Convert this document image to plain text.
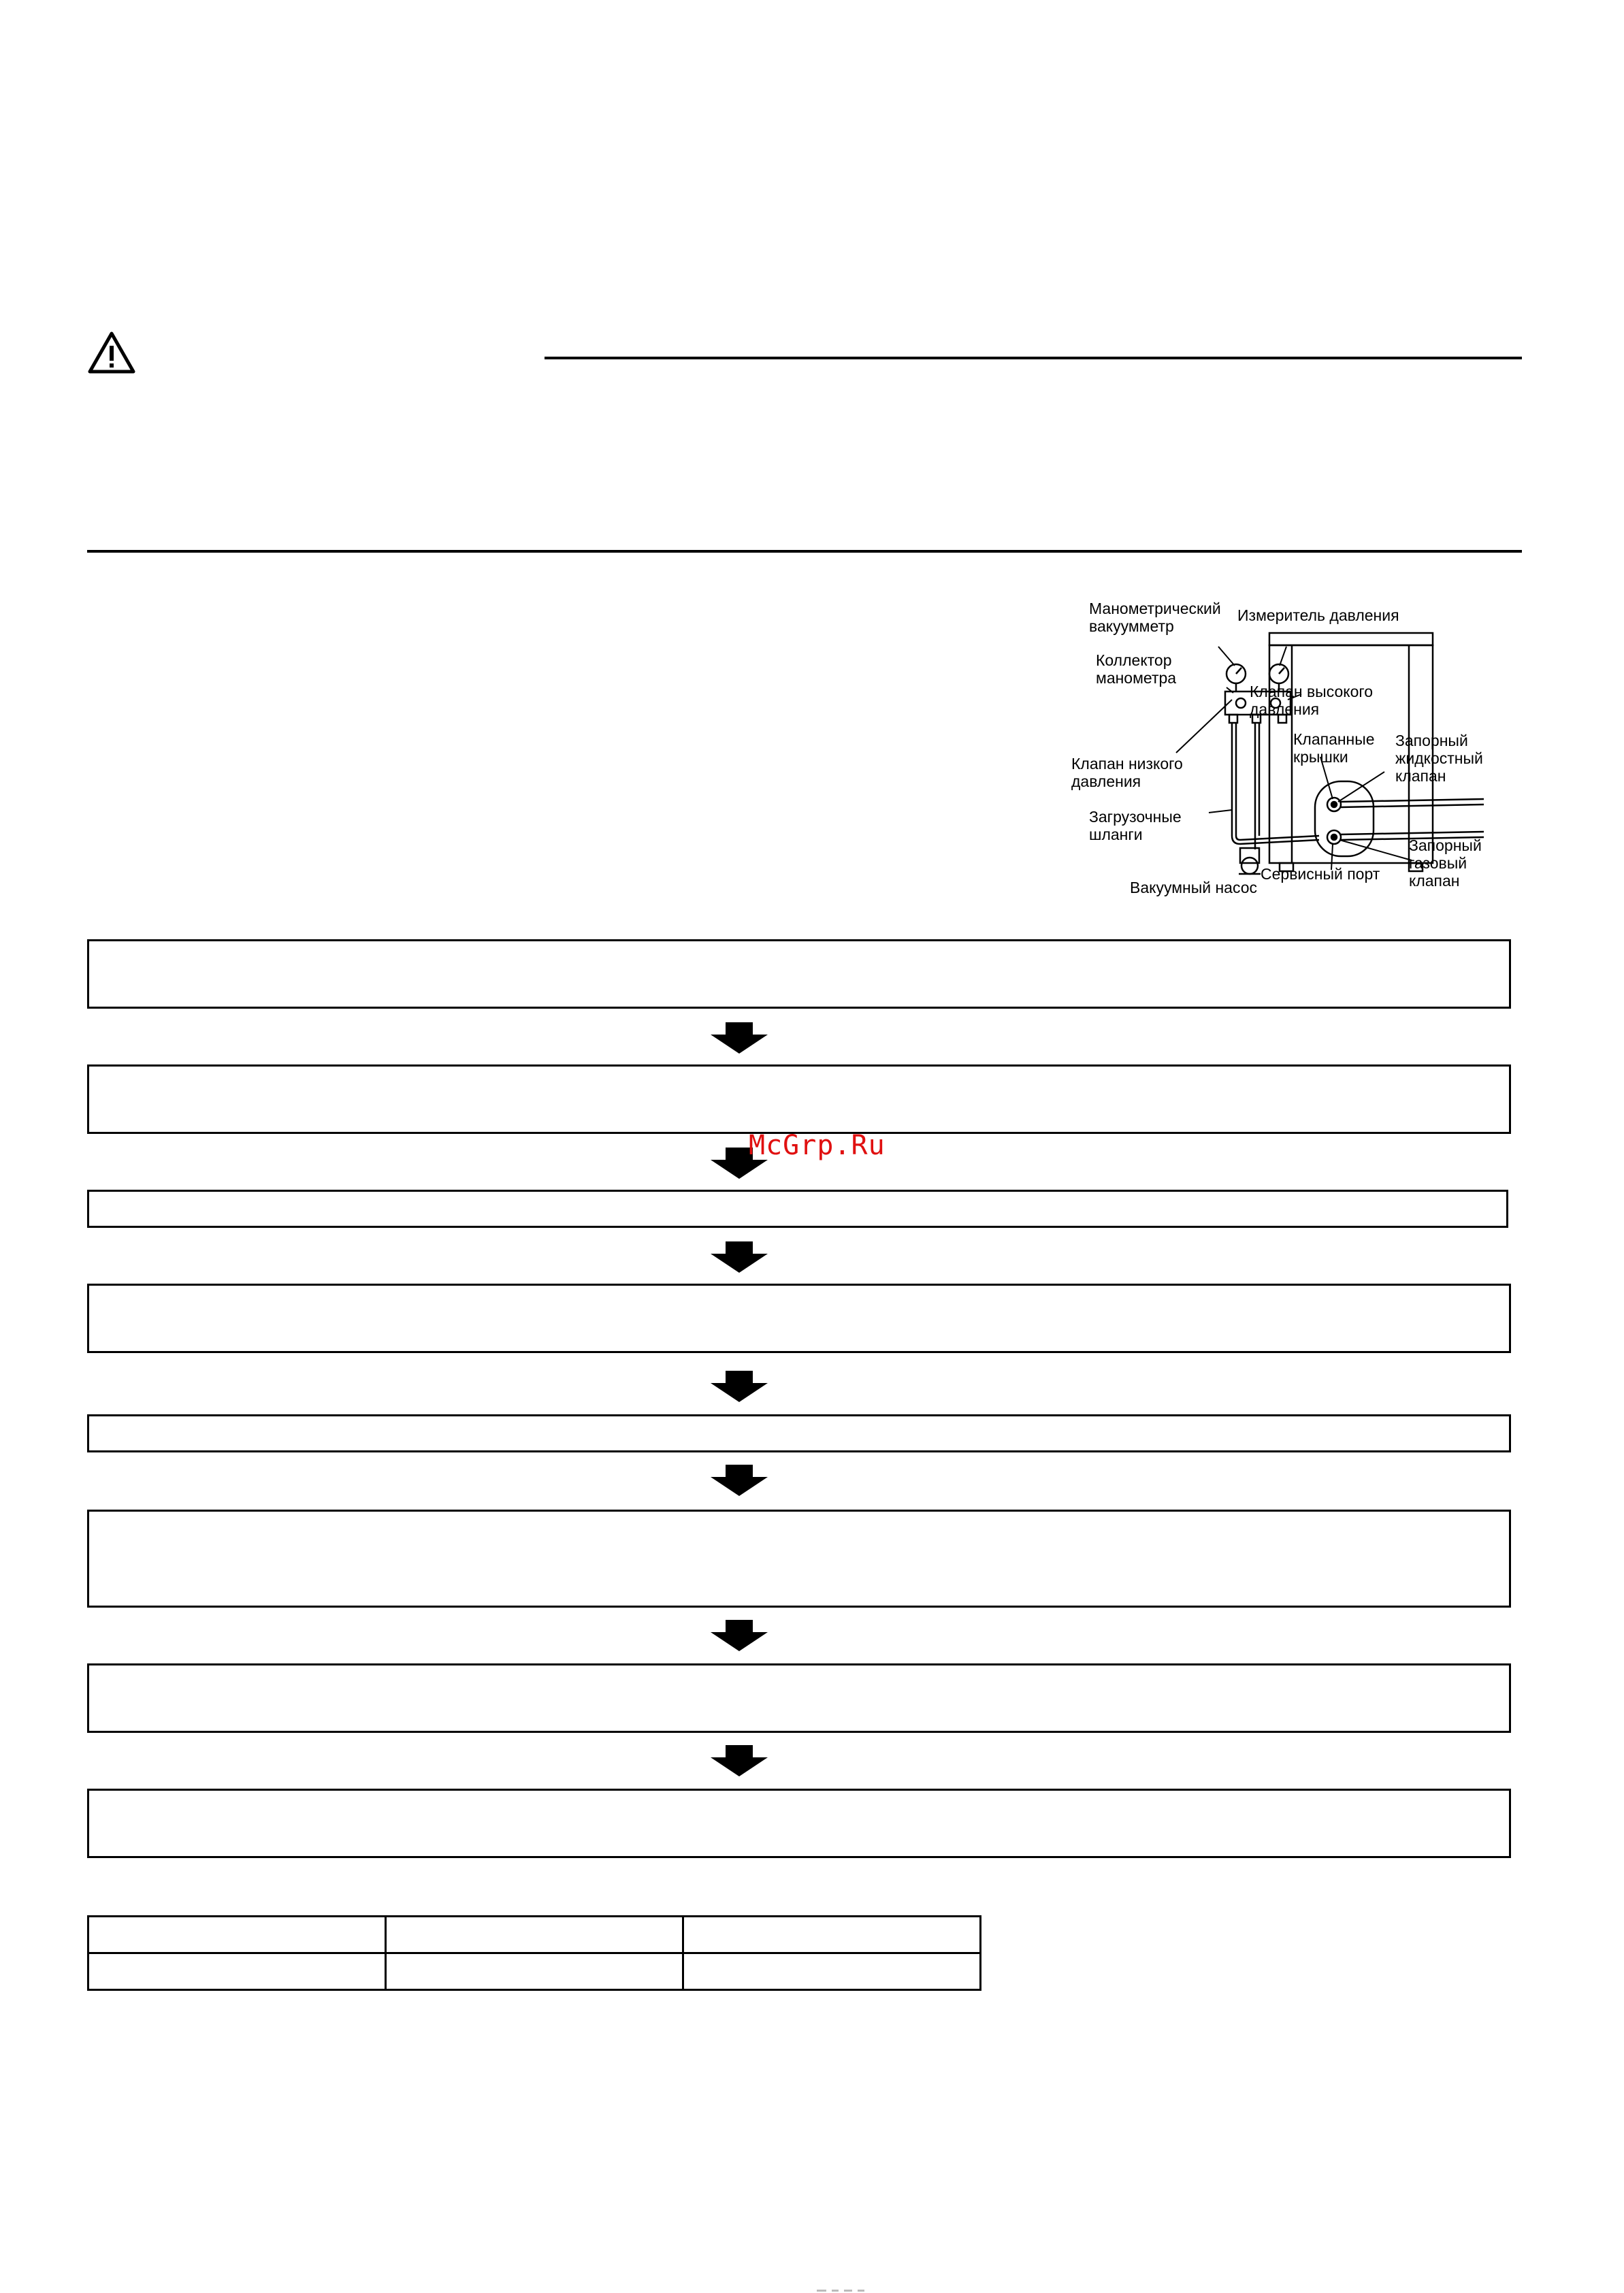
Манометрический
вакуумметр
Измеритель давления
Коллектор
манометра
Клапан высокого
давления
Клапанные
крышки
Запорный
жидкостный
клапан
Клапан низкого
давления
Загрузочные
шланги
Запорный
газовый
клапан
Сервисный порт
Вакуумный насос
McGrp.Ru
